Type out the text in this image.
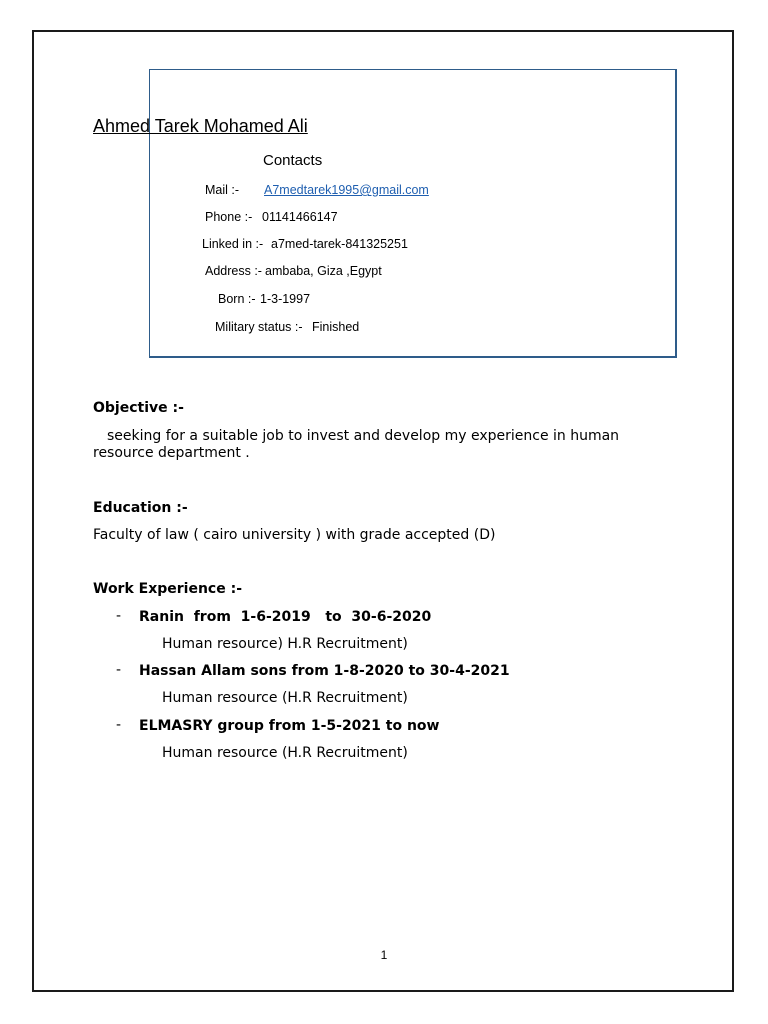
Ahmed Tarek Mohamed Ali
Contacts
Mail :- A7medtarek1995@gmail.com
Phone :- 01141466147
Linked in :- a7med-tarek-841325251
Address :- ambaba, Giza ,Egypt
Born :- 1-3-1997
Military status :- Finished
Objective :-
seeking for a suitable job to invest and develop my experience in human
resource department .
Education :-
Faculty of law ( cairo university ) with grade accepted (D)
Work Experience :-
- Ranin  from  1-6-2019   to  30-6-2020
Human resource) H.R Recruitment)
- Hassan Allam sons from 1-8-2020 to 30-4-2021
Human resource (H.R Recruitment)
- ELMASRY group from 1-5-2021 to now
Human resource (H.R Recruitment)
1
